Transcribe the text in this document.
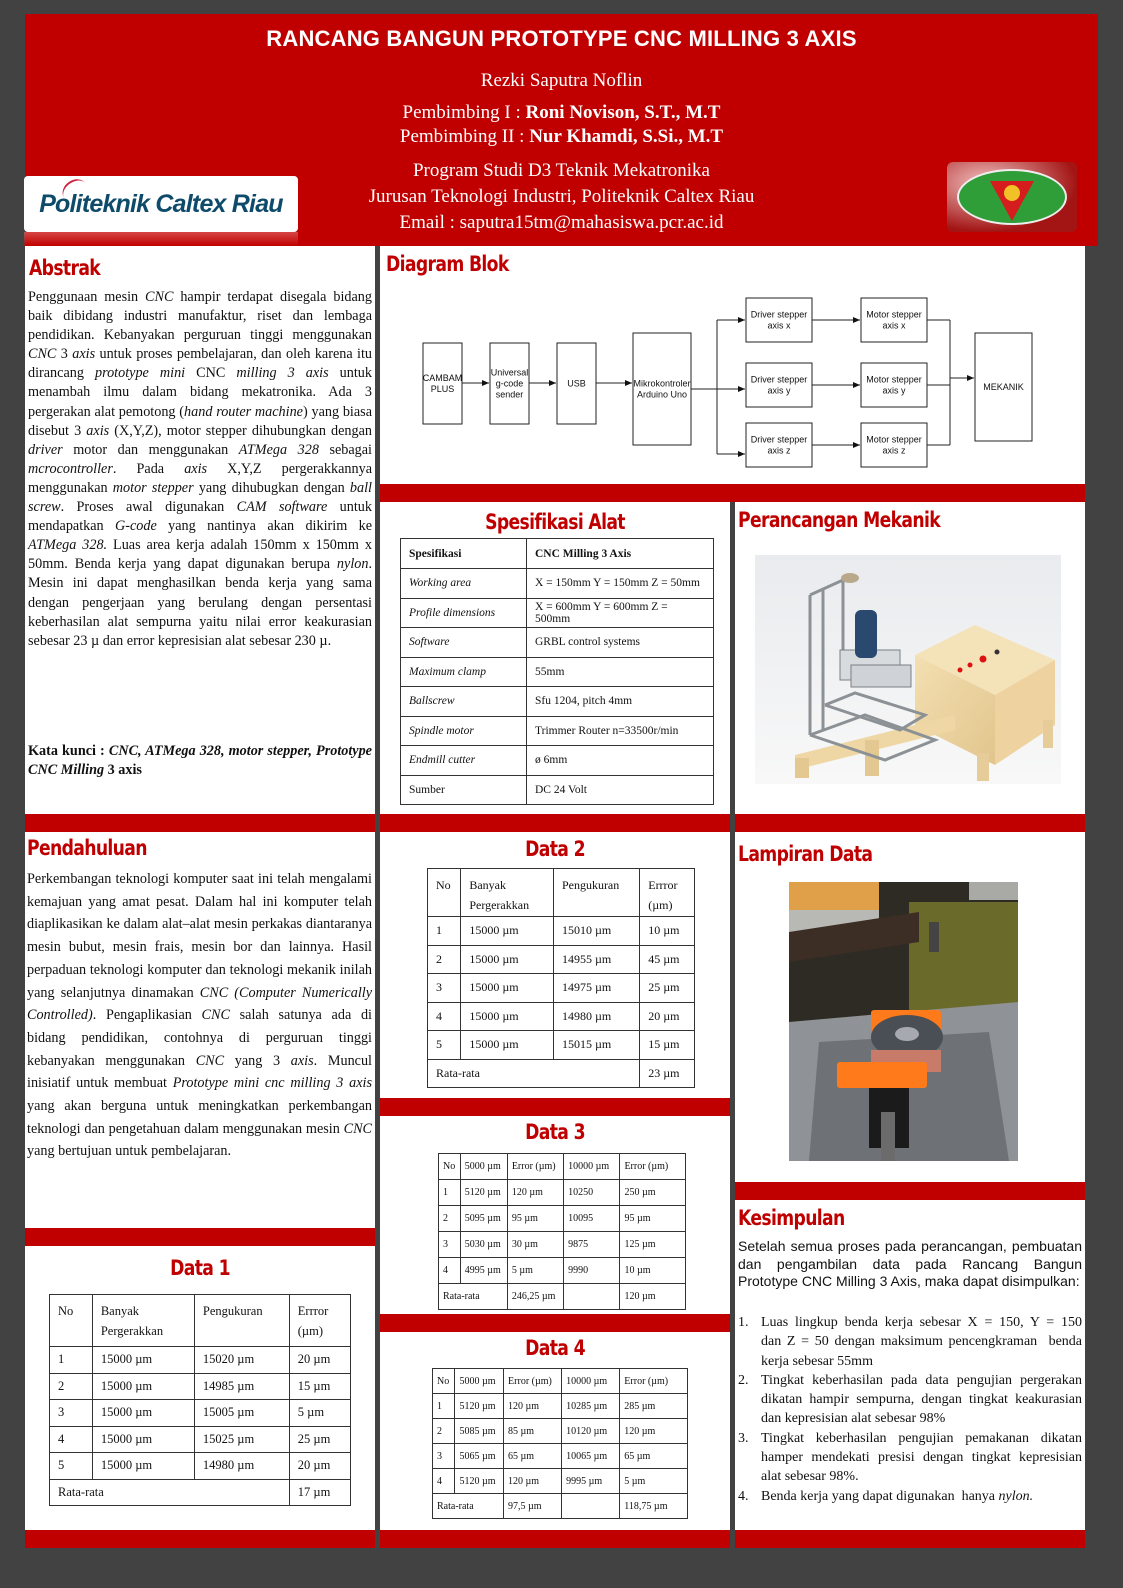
RANCANG BANGUN PROTOTYPE CNC MILLING 3 AXIS
Rezki Saputra Noflin
Pembimbing I : Roni Novison, S.T., M.T
Pembimbing II : Nur Khamdi, S.Si., M.T
Program Studi D3 Teknik Mekatronika
Jurusan Teknologi Industri, Politeknik Caltex Riau
Email : saputra15tm@mahasiswa.pcr.ac.id
Politeknik Caltex Riau
Abstrak
Penggunaan mesin CNC hampir terdapat disegala bidang baik dibidang industri manufaktur, riset dan lembaga pendidikan. Kebanyakan perguruan tinggi menggunakan CNC 3 axis untuk proses pembelajaran, dan oleh karena itu dirancang prototype mini CNC milling 3 axis untuk menambah ilmu dalam bidang mekatronika. Ada 3 pergerakan alat pemotong (hand router machine) yang biasa disebut 3 axis (X,Y,Z), motor stepper dihubungkan dengan driver motor dan menggunakan ATMega 328 sebagai mcrocontroller. Pada axis X,Y,Z pergerakkannya menggunakan motor stepper yang dihubugkan dengan ball screw. Proses awal digunakan CAM software untuk mendapatkan G-code yang nantinya akan dikirim ke ATMega 328. Luas area kerja adalah 150mm x 150mm x 50mm. Benda kerja yang dapat digunakan berupa nylon. Mesin ini dapat menghasilkan benda kerja yang sama dengan pengerjaan yang berulang dengan persentasi keberhasilan alat sempurna yaitu nilai error keakurasian sebesar 23 µ dan error kepresisian alat sebesar 230 µ.
Kata kunci : CNC, ATMega 328, motor stepper, Prototype CNC Milling 3 axis
Pendahuluan
Perkembangan teknologi komputer saat ini telah mengalami kemajuan yang amat pesat. Dalam hal ini komputer telah diaplikasikan ke dalam alat–alat mesin perkakas diantaranya mesin bubut, mesin frais, mesin bor dan lainnya. Hasil perpaduan teknologi komputer dan teknologi mekanik inilah yang selanjutnya dinamakan CNC (Computer Numerically Controlled). Pengaplikasian CNC salah satunya ada di bidang pendidikan, contohnya di perguruan tinggi kebanyakan menggunakan CNC yang 3 axis. Muncul inisiatif untuk membuat Prototype mini cnc milling 3 axis yang akan berguna untuk meningkatkan perkembangan teknologi dan pengetahuan dalam menggunakan mesin CNC yang bertujuan untuk pembelajaran.
Data 1
No	Banyak Pergerakkan	Pengukuran	Errror (µm)
1	15000 µm	15020 µm	20 µm
2	15000 µm	14985 µm	15 µm
3	15000 µm	15005 µm	5 µm
4	15000 µm	15025 µm	25 µm
5	15000 µm	14980 µm	20 µm
Rata-rata			17 µm
Diagram Blok
CAMBAM
PLUS
Universal
g-code
sender
USB	Mikrokontroler
Arduino Uno
Driver stepper
axis x
Driver stepper
axis y
Driver stepper
axis z
Motor stepper
axis x
Motor stepper
axis y
Motor stepper
axis z
MEKANIK
Spesifikasi Alat
Spesifikasi	CNC Milling 3 Axis
Working area	X = 150mm Y = 150mm Z = 50mm
Profile dimensions	X = 600mm Y = 600mm Z = 500mm
Software	GRBL control systems
Maximum clamp	55mm
Ballscrew	Sfu 1204, pitch 4mm
Spindle motor	Trimmer Router n=33500r/min
Endmill cutter	ø 6mm
Sumber	DC 24 Volt
Perancangan Mekanik
Data 2
No	Banyak Pergerakkan	Pengukuran	Errror (µm)
1	15000 µm	15010 µm	10 µm
2	15000 µm	14955 µm	45 µm
3	15000 µm	14975 µm	25 µm
4	15000 µm	14980 µm	20 µm
5	15000 µm	15015 µm	15 µm
Rata-rata			23 µm
Data 3
No	5000 µm	Error (µm)	10000 µm	Error (µm)
1	5120 µm	120 µm	10250	250 µm
2	5095 µm	95 µm	10095	95 µm
3	5030 µm	30 µm	9875	125 µm
4	4995 µm	5 µm	9990	10 µm
Rata-rata		246,25 µm		120 µm
Data 4
No	5000 µm	Error (µm)	10000 µm	Error (µm)
1	5120 µm	120 µm	10285 µm	285 µm
2	5085 µm	85 µm	10120 µm	120 µm
3	5065 µm	65 µm	10065 µm	65 µm
4	5120 µm	120 µm	9995 µm	5 µm
Rata-rata		97,5 µm		118,75 µm
Lampiran Data
Kesimpulan
Setelah semua proses pada perancangan, pembuatan dan pengambilan data pada Rancang Bangun Prototype CNC Milling 3 Axis, maka dapat disimpulkan:
1. Luas lingkup benda kerja sebesar X = 150, Y = 150          dan Z = 50 dengan maksimum pencengkraman  benda kerja sebesar 55mm
2. Tingkat keberhasilan pada data pengujian pergerakan dikatan hampir sempurna, dengan tingkat keakurasian dan kepresisian alat sebesar 98%
3. Tingkat keberhasilan pengujian pemakanan dikatan hamper mendekati presisi dengan tingkat kepresisian  alat sebesar 98%.
4. Benda kerja yang dapat digunakan  hanya nylon.
